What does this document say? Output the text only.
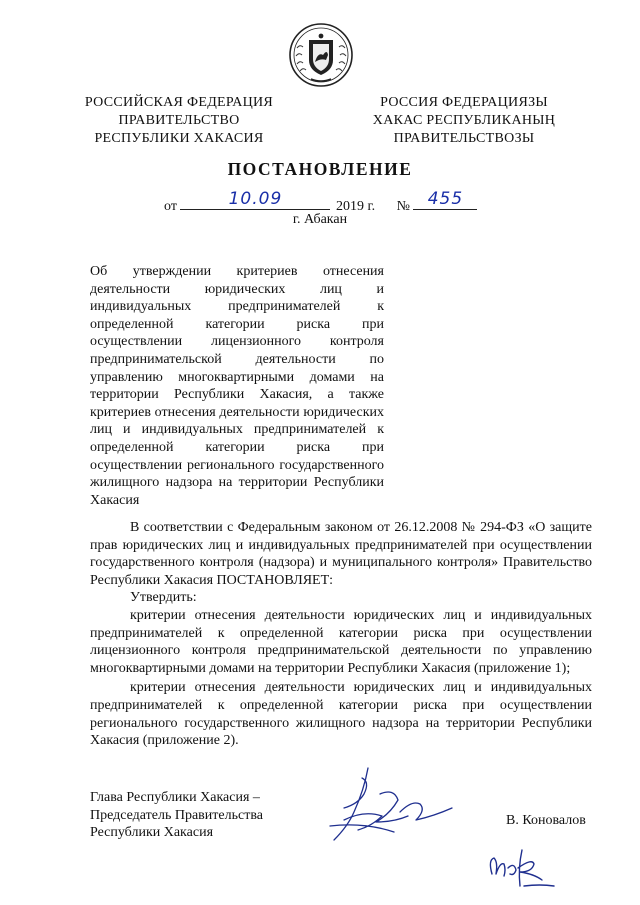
РОССИЙСКАЯ ФЕДЕРАЦИЯ
ПРАВИТЕЛЬСТВО
РЕСПУБЛИКИ ХАКАСИЯ
РОССИЯ ФЕДЕРАЦИЯЗЫ
ХАКАС РЕСПУБЛИКАНЫҢ
ПРАВИТЕЛЬСТВОЗЫ
ПОСТАНОВЛЕНИЕ
от	10.09	2019 г. №	455
г. Абакан
Об утверждении критериев отнесения деятельности юридических лиц и индивидуальных предпринимателей к определенной категории риска при осуществлении лицензионного контроля предпринимательской деятельности по управлению многоквартирными домами на территории Республики Хакасия, а также критериев отнесения деятельности юридических лиц и индивидуальных предпринимателей к определенной категории риска при осуществлении регионального государственного жилищного надзора на территории Республики Хакасия

В соответствии с Федеральным законом от 26.12.2008 № 294-ФЗ «О защите прав юридических лиц и индивидуальных предпринимателей при осуществлении государственного контроля (надзора) и муниципального контроля» Правительство Республики Хакасия ПОСТАНОВЛЯЕТ:

Утвердить:

критерии отнесения деятельности юридических лиц и индивидуальных предпринимателей к определенной категории риска при осуществлении лицензионного контроля предпринимательской деятельности по управлению многоквартирными домами на территории Республики Хакасия (приложение 1);

критерии отнесения деятельности юридических лиц и индивидуальных предпринимателей к определенной категории риска при осуществлении регионального государственного жилищного надзора на территории Республики Хакасия (приложение 2).

Глава Республики Хакасия –
Председатель Правительства
Республики Хакасия
В. Коновалов
